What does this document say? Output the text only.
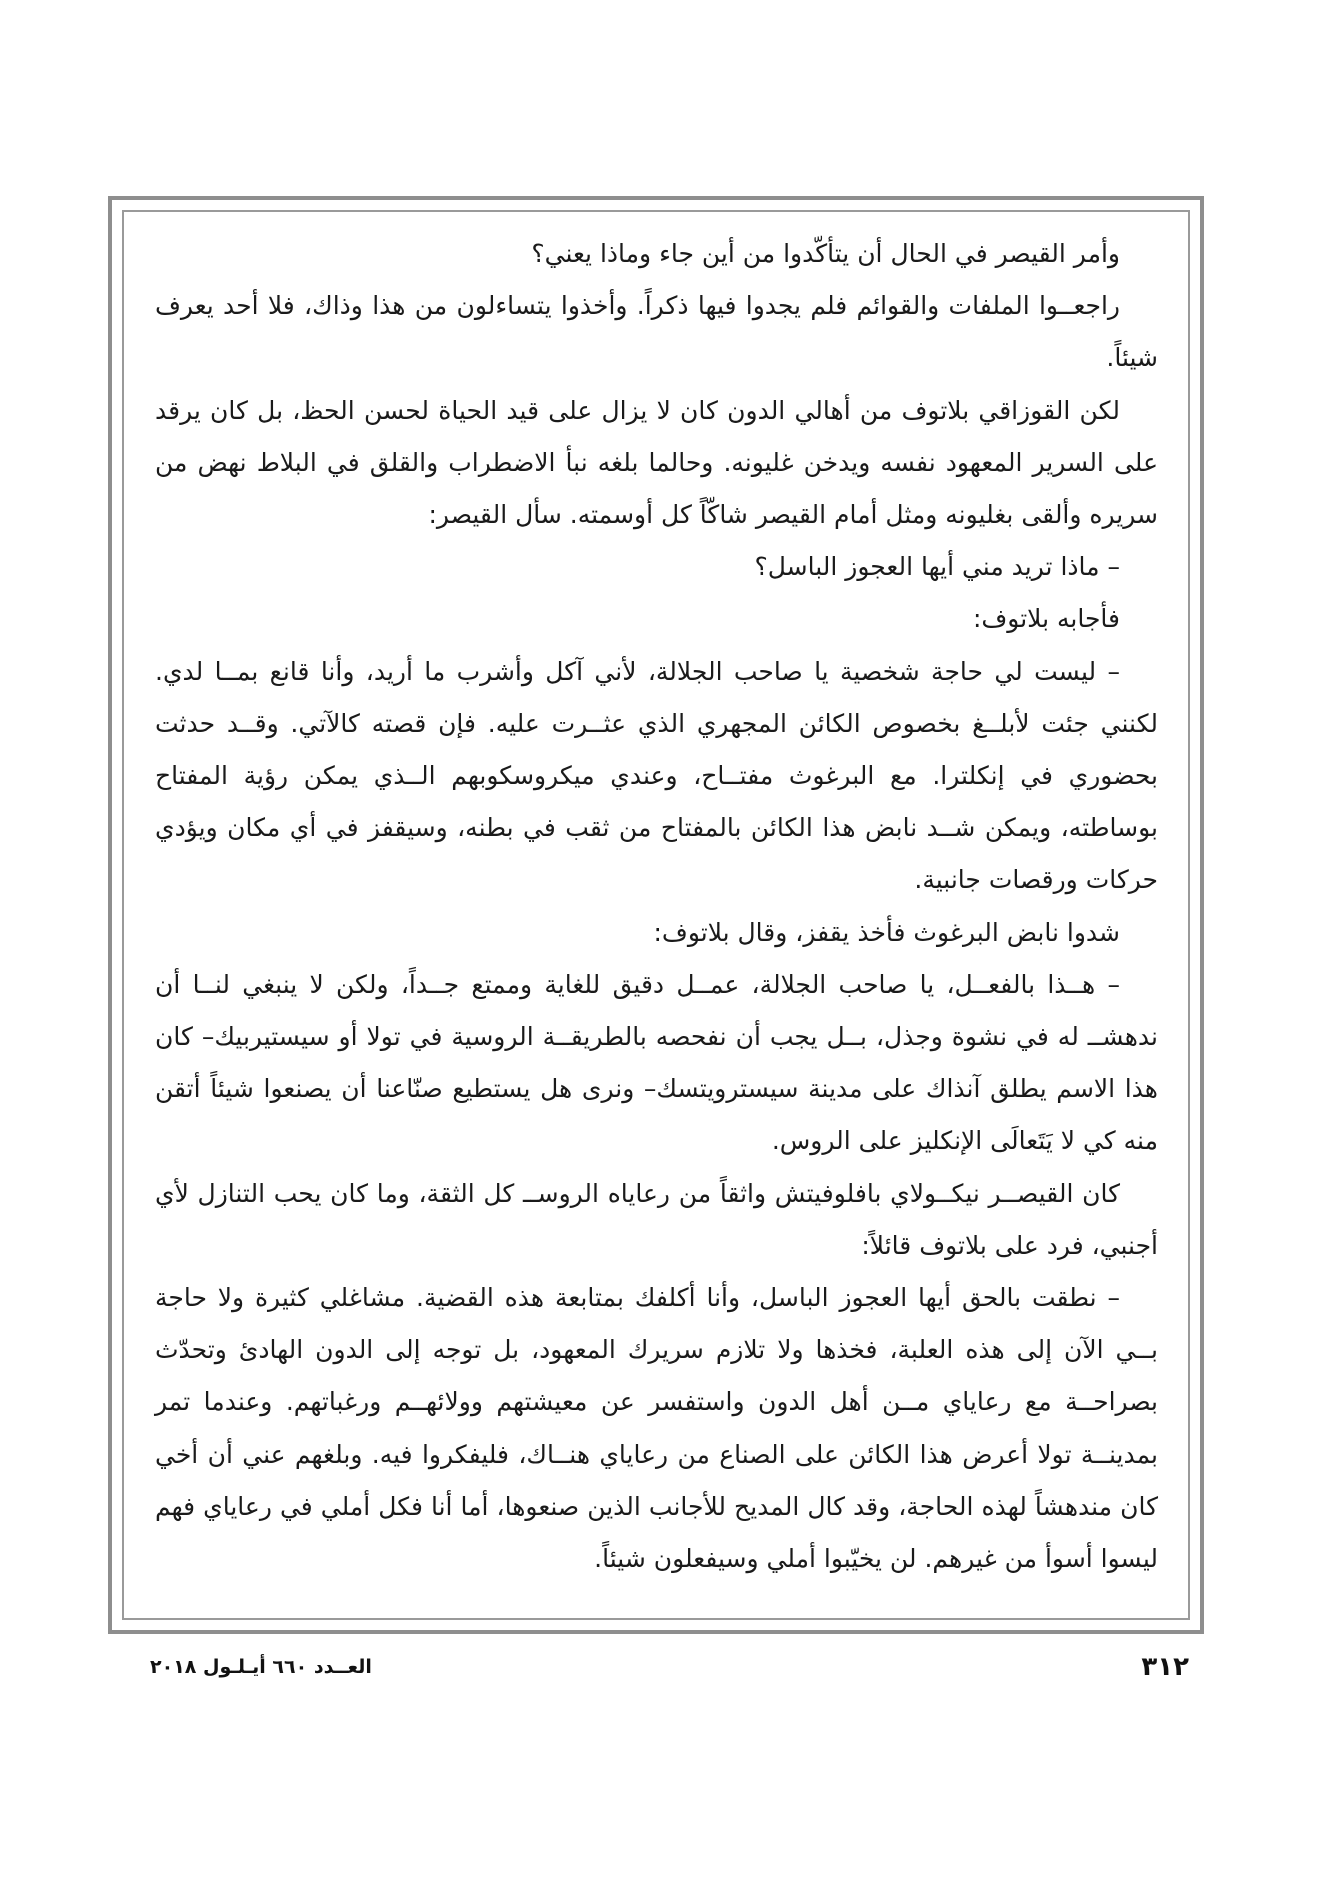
وأمر القيصر في الحال أن يتأكّدوا من أين جاء وماذا يعني؟

راجعــوا الملفات والقوائم فلم يجدوا فيها ذكراً. وأخذوا يتساءلون من هذا وذاك، فلا أحد يعرف شيئاً.

لكن القوزاقي بلاتوف من أهالي الدون كان لا يزال على قيد الحياة لحسن الحظ، بل كان يرقد على السرير المعهود نفسه ويدخن غليونه. وحالما بلغه نبأ الاضطراب والقلق في البلاط نهض من سريره وألقى بغليونه ومثل أمام القيصر شاكّاً كل أوسمته. سأل القيصر:

– ماذا تريد مني أيها العجوز الباسل؟

فأجابه بلاتوف:

– ليست لي حاجة شخصية يا صاحب الجلالة، لأني آكل وأشرب ما أريد، وأنا قانع بمــا لدي. لكنني جئت لأبلــغ بخصوص الكائن المجهري الذي عثــرت عليه. فإن قصته كالآتي. وقــد حدثت بحضوري في إنكلترا. مع البرغوث مفتــاح، وعندي ميكروسكوبهم الــذي يمكن رؤية المفتاح بوساطته، ويمكن شــد نابض هذا الكائن بالمفتاح من ثقب في بطنه، وسيقفز في أي مكان ويؤدي حركات ورقصات جانبية.

شدوا نابض البرغوث فأخذ يقفز، وقال بلاتوف:

– هــذا بالفعــل، يا صاحب الجلالة، عمــل دقيق للغاية وممتع جــداً، ولكن لا ينبغي لنــا أن ندهشــ له في نشوة وجذل، بــل يجب أن نفحصه بالطريقــة الروسية في تولا أو سيستيربيك– كان هذا الاسم يطلق آنذاك على مدينة سيسترويتسك– ونرى هل يستطيع صنّاعنا أن يصنعوا شيئاً أتقن منه كي لا يَتَعالَى الإنكليز على الروس.

كان القيصــر نيكــولاي بافلوفيتش واثقاً من رعاياه الروســ كل الثقة، وما كان يحب التنازل لأي أجنبي، فرد على بلاتوف قائلاً:

– نطقت بالحق أيها العجوز الباسل، وأنا أكلفك بمتابعة هذه القضية. مشاغلي كثيرة ولا حاجة بــي الآن إلى هذه العلبة، فخذها ولا تلازم سريرك المعهود، بل توجه إلى الدون الهادئ وتحدّث بصراحــة مع رعاياي مــن أهل الدون واستفسر عن معيشتهم وولائهــم ورغباتهم. وعندما تمر بمدينــة تولا أعرض هذا الكائن على الصناع من رعاياي هنــاك، فليفكروا فيه. وبلغهم عني أن أخي كان مندهشاً لهذه الحاجة، وقد كال المديح للأجانب الذين صنعوها، أما أنا فكل أملي في رعاياي فهم ليسوا أسوأ من غيرهم. لن يخيّبوا أملي وسيفعلون شيئاً.

٣١٢
العــدد ٦٦٠ أيـلـول ٢٠١٨
